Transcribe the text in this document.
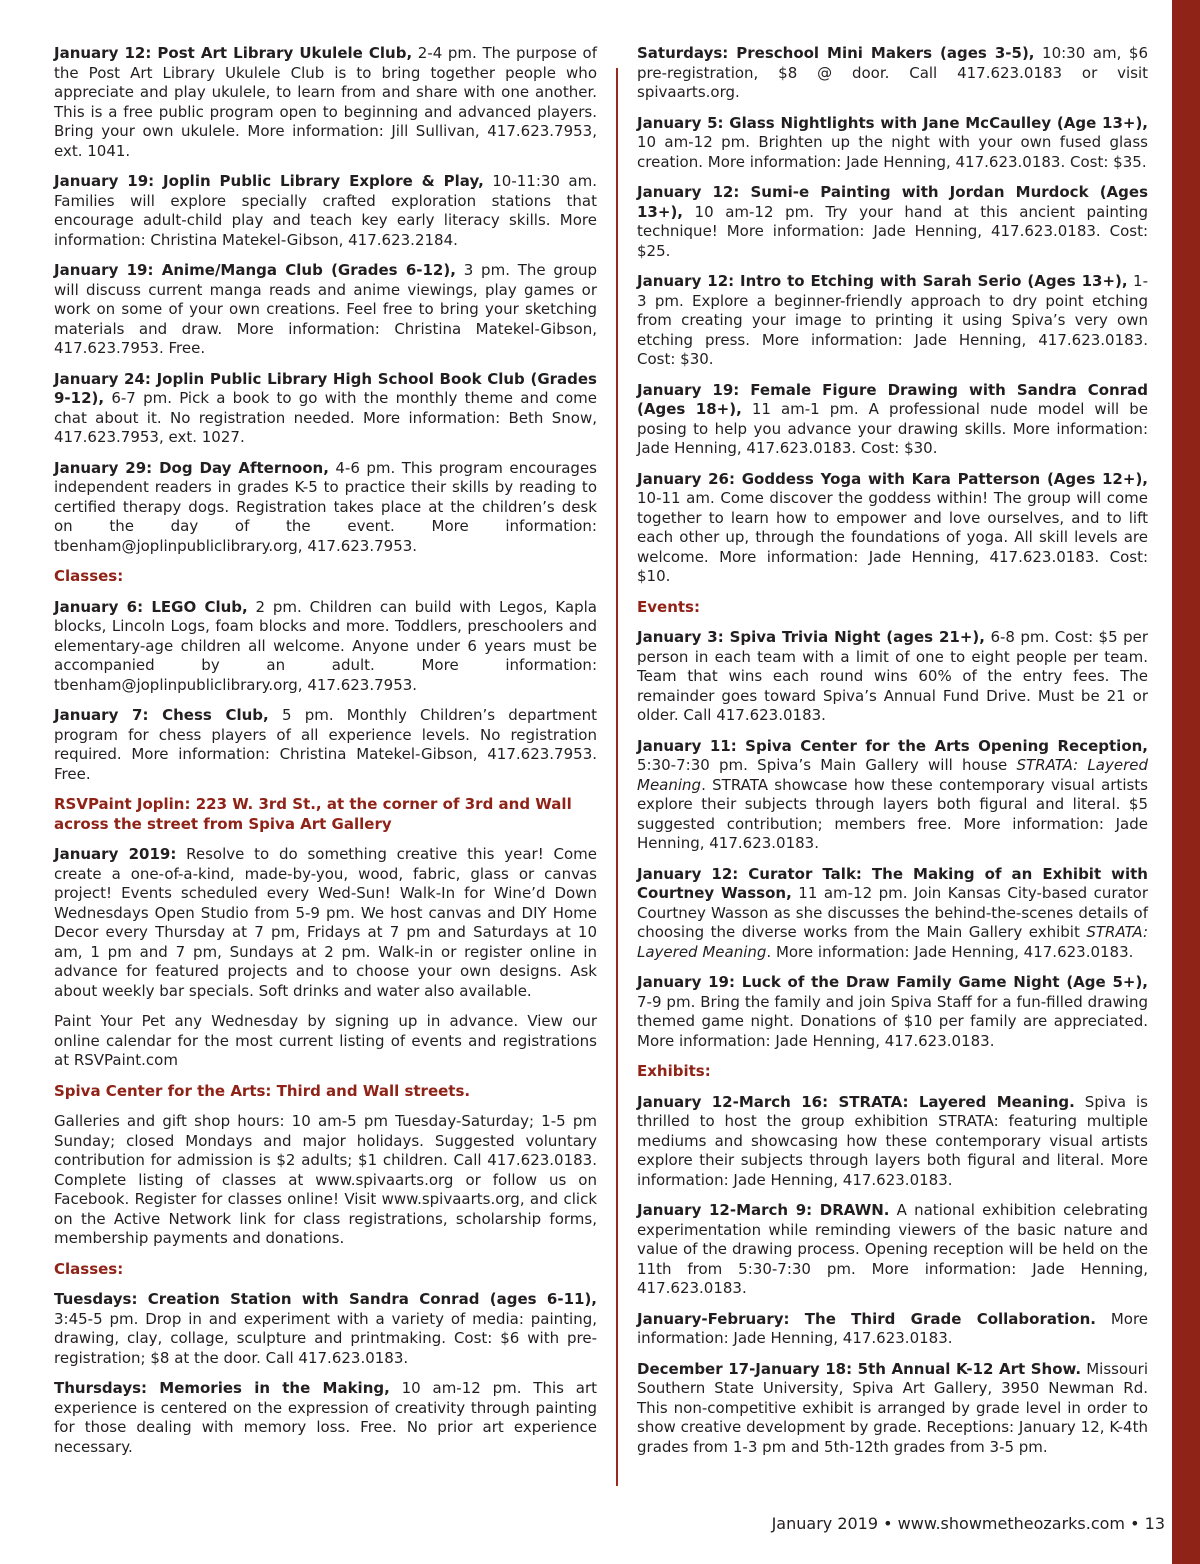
January 12: Post Art Library Ukulele Club, 2-4 pm. The purpose of the Post Art Library Ukulele Club is to bring together people who appreciate and play ukulele, to learn from and share with one another. This is a free public program open to beginning and advanced players. Bring your own ukulele. More information: Jill Sullivan, 417.623.7953, ext. 1041.

January 19: Joplin Public Library Explore & Play, 10-11:30 am. Families will explore specially crafted exploration stations that encourage adult-child play and teach key early literacy skills. More information: Christina Matekel-Gibson, 417.623.2184.

January 19: Anime/Manga Club (Grades 6-12), 3 pm. The group will discuss current manga reads and anime viewings, play games or work on some of your own creations. Feel free to bring your sketching materials and draw. More information: Christina Matekel-Gibson, 417.623.7953. Free.

January 24: Joplin Public Library High School Book Club (Grades 9-12), 6-7 pm. Pick a book to go with the monthly theme and come chat about it. No registration needed. More information: Beth Snow, 417.623.7953, ext. 1027.

January 29: Dog Day Afternoon, 4-6 pm. This program encourages independent readers in grades K-5 to practice their skills by reading to certified therapy dogs. Registration takes place at the children’s desk on the day of the event. More information: tbenham@joplinpubliclibrary.org, 417.623.7953.

Classes:

January 6: LEGO Club, 2 pm. Children can build with Legos, Kapla blocks, Lincoln Logs, foam blocks and more. Toddlers, preschoolers and elementary-age children all welcome. Anyone under 6 years must be accompanied by an adult. More information: tbenham@joplinpubliclibrary.org, 417.623.7953.

January 7: Chess Club, 5 pm. Monthly Children’s department program for chess players of all experience levels. No registration required. More information: Christina Matekel-Gibson, 417.623.7953. Free.

RSVPaint Joplin: 223 W. 3rd St., at the corner of 3rd and Wall across the street from Spiva Art Gallery

January 2019: Resolve to do something creative this year! Come create a one-of-a-kind, made-by-you, wood, fabric, glass or canvas project! Events scheduled every Wed-Sun! Walk-In for Wine’d Down Wednesdays Open Studio from 5-9 pm. We host canvas and DIY Home Decor every Thursday at 7 pm, Fridays at 7 pm and Saturdays at 10 am, 1 pm and 7 pm, Sundays at 2 pm. Walk-in or register online in advance for featured projects and to choose your own designs. Ask about weekly bar specials. Soft drinks and water also available.

Paint Your Pet any Wednesday by signing up in advance. View our online calendar for the most current listing of events and registrations at RSVPaint.com

Spiva Center for the Arts: Third and Wall streets.

Galleries and gift shop hours: 10 am-5 pm Tuesday-Saturday; 1-5 pm Sunday; closed Mondays and major holidays. Suggested voluntary contribution for admission is $2 adults; $1 children. Call 417.623.0183. Complete listing of classes at www.spivaarts.org or follow us on Facebook. Register for classes online! Visit www.spivaarts.org, and click on the Active Network link for class registrations, scholarship forms, membership payments and donations.

Classes:

Tuesdays: Creation Station with Sandra Conrad (ages 6-11), 3:45-5 pm. Drop in and experiment with a variety of media: painting, drawing, clay, collage, sculpture and printmaking. Cost: $6 with pre-registration; $8 at the door. Call 417.623.0183.

Thursdays: Memories in the Making, 10 am-12 pm. This art experience is centered on the expression of creativity through painting for those dealing with memory loss. Free. No prior art experience necessary.

Saturdays: Preschool Mini Makers (ages 3-5), 10:30 am, $6 pre-registration, $8 @ door. Call 417.623.0183 or visit spivaarts.org.

January 5: Glass Nightlights with Jane McCaulley (Age 13+), 10 am-12 pm. Brighten up the night with your own fused glass creation. More information: Jade Henning, 417.623.0183. Cost: $35.

January 12: Sumi-e Painting with Jordan Murdock (Ages 13+), 10 am-12 pm. Try your hand at this ancient painting technique! More information: Jade Henning, 417.623.0183. Cost: $25.

January 12: Intro to Etching with Sarah Serio (Ages 13+), 1-3 pm. Explore a beginner-friendly approach to dry point etching from creating your image to printing it using Spiva’s very own etching press. More information: Jade Henning, 417.623.0183. Cost: $30.

January 19: Female Figure Drawing with Sandra Conrad (Ages 18+), 11 am-1 pm. A professional nude model will be posing to help you advance your drawing skills. More information: Jade Henning, 417.623.0183. Cost: $30.

January 26: Goddess Yoga with Kara Patterson (Ages 12+), 10-11 am. Come discover the goddess within! The group will come together to learn how to empower and love ourselves, and to lift each other up, through the foundations of yoga. All skill levels are welcome. More information: Jade Henning, 417.623.0183. Cost: $10.

Events:

January 3: Spiva Trivia Night (ages 21+), 6-8 pm. Cost: $5 per person in each team with a limit of one to eight people per team. Team that wins each round wins 60% of the entry fees. The remainder goes toward Spiva’s Annual Fund Drive. Must be 21 or older. Call 417.623.0183.

January 11: Spiva Center for the Arts Opening Reception, 5:30-7:30 pm. Spiva’s Main Gallery will house STRATA: Layered Meaning. STRATA showcase how these contemporary visual artists explore their subjects through layers both figural and literal. $5 suggested contribution; members free. More information: Jade Henning, 417.623.0183.

January 12: Curator Talk: The Making of an Exhibit with Courtney Wasson, 11 am-12 pm. Join Kansas City-based curator Courtney Wasson as she discusses the behind-the-scenes details of choosing the diverse works from the Main Gallery exhibit STRATA: Layered Meaning. More information: Jade Henning, 417.623.0183.

January 19: Luck of the Draw Family Game Night (Age 5+), 7-9 pm. Bring the family and join Spiva Staff for a fun-filled drawing themed game night. Donations of $10 per family are appreciated. More information: Jade Henning, 417.623.0183.

Exhibits:

January 12-March 16: STRATA: Layered Meaning. Spiva is thrilled to host the group exhibition STRATA: featuring multiple mediums and showcasing how these contemporary visual artists explore their subjects through layers both figural and literal. More information: Jade Henning, 417.623.0183.

January 12-March 9: DRAWN. A national exhibition celebrating experimentation while reminding viewers of the basic nature and value of the drawing process. Opening reception will be held on the 11th from 5:30-7:30 pm. More information: Jade Henning, 417.623.0183.

January-February: The Third Grade Collaboration. More information: Jade Henning, 417.623.0183.

December 17-January 18: 5th Annual K-12 Art Show. Missouri Southern State University, Spiva Art Gallery, 3950 Newman Rd. This non-competitive exhibit is arranged by grade level in order to show creative development by grade. Receptions: January 12, K-4th grades from 1-3 pm and 5th-12th grades from 3-5 pm.

January 2019 • www.showmetheozarks.com • 13
